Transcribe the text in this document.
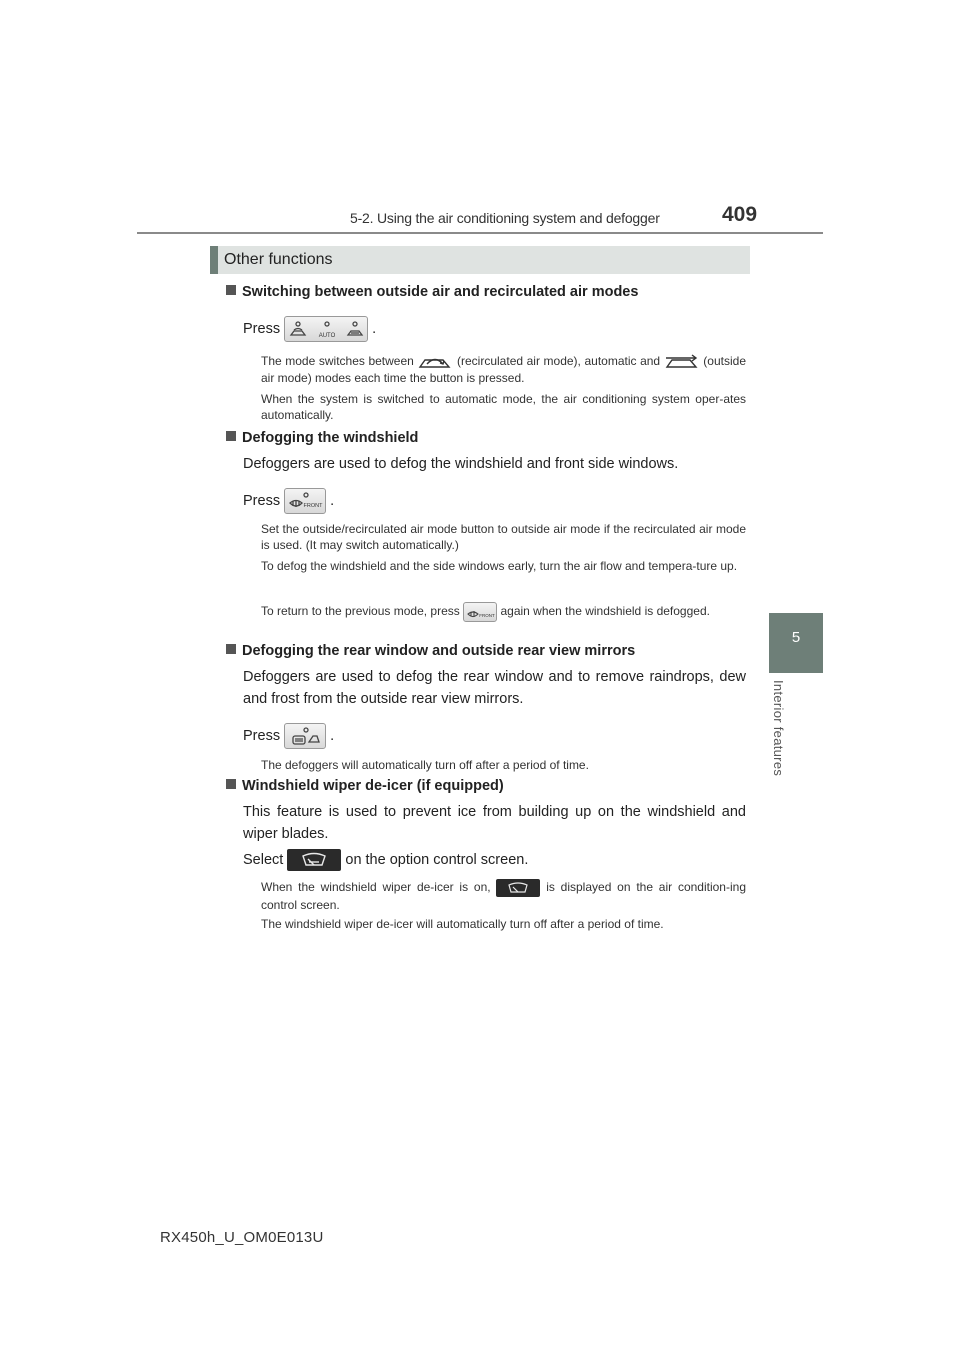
5-2. Using the air conditioning system and defogger	409
5
Interior features
Other functions
Switching between outside air and recirculated air modes
Press	AUTO	.
The mode switches between	(recirculated air mode), automatic and	(outside air mode) modes each time the button is pressed.
When the system is switched to automatic mode, the air conditioning system oper-ates automatically.
Defogging the windshield
Defoggers are used to defog the windshield and front side windows.
Press	FRONT .
Set the outside/recirculated air mode button to outside air mode if the recirculated air mode is used. (It may switch automatically.)
To defog the windshield and the side windows early, turn the air flow and tempera-ture up.
To return to the previous mode, press	FRONT again when the windshield is defogged.
Defogging the rear window and outside rear view mirrors
Defoggers are used to defog the rear window and to remove raindrops, dew and frost from the outside rear view mirrors.
Press	.
The defoggers will automatically turn off after a period of time.
Windshield wiper de-icer (if equipped)
This feature is used to prevent ice from building up on the windshield and wiper blades.
Select	on the option control screen.
When the windshield wiper de-icer is on,	is displayed on the air condition-ing control screen.
The windshield wiper de-icer will automatically turn off after a period of time.
RX450h_U_OM0E013U
